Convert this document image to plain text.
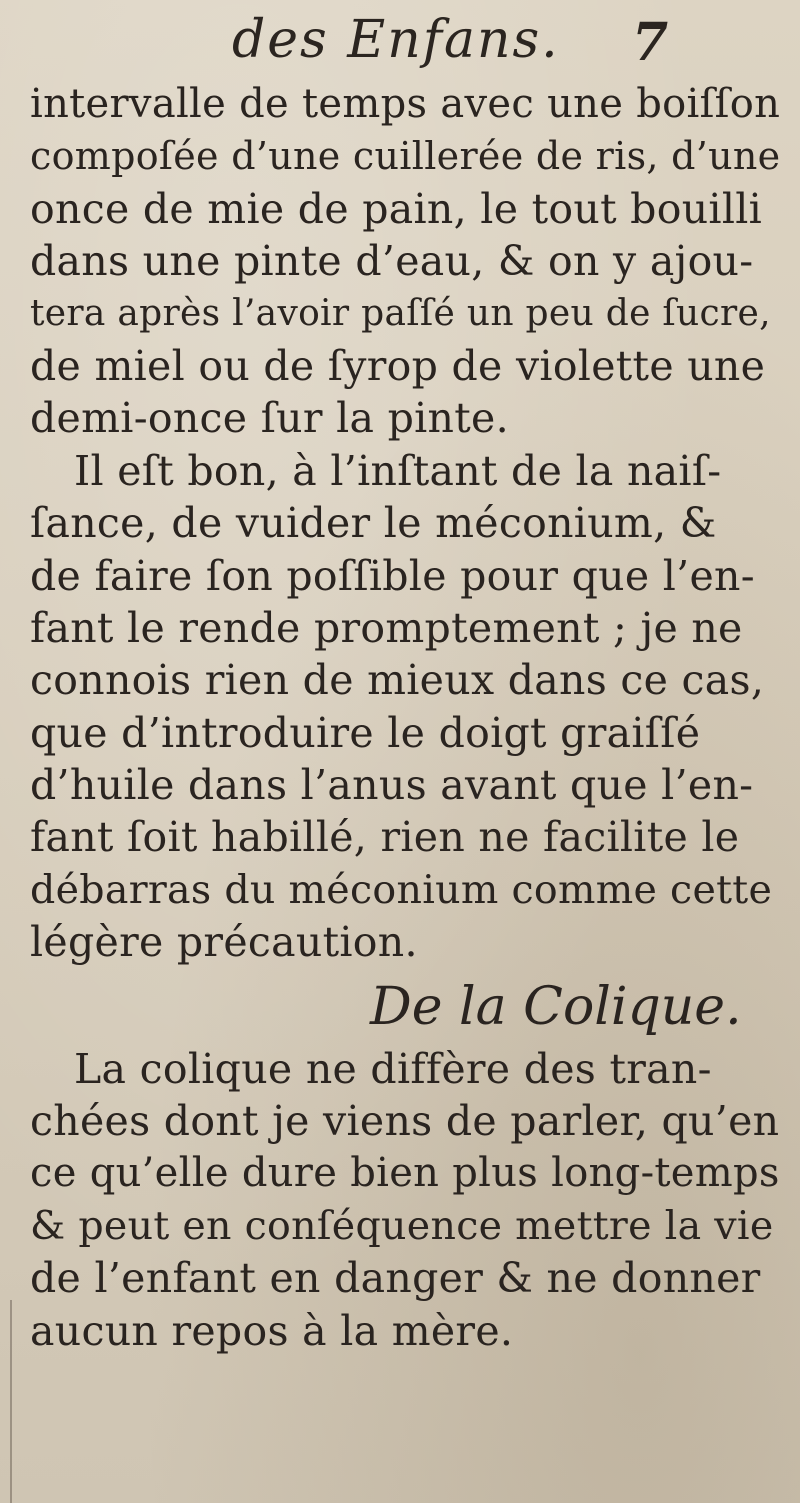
des Enfans. 7
intervalle de temps avec une boiſſon
compoſée d’une cuillerée de ris, d’une
once de mie de pain, le tout bouilli
dans une pinte d’eau, & on y ajou-
tera après l’avoir paſſé un peu de ſucre,
de miel ou de ſyrop de violette une
demi-once ſur la pinte.
Il eſt bon, à l’inſtant de la naiſ-
ſance, de vuider le méconium, &
de faire ſon poſſible pour que l’en-
fant le rende promptement ; je ne
connois rien de mieux dans ce cas,
que d’introduire le doigt graiſſé
d’huile dans l’anus avant que l’en-
fant ſoit habillé, rien ne facilite le
débarras du méconium comme cette
légère précaution.
De la Colique.
La colique ne diffère des tran-
chées dont je viens de parler, qu’en
ce qu’elle dure bien plus long-temps
& peut en conſéquence mettre la vie
de l’enfant en danger & ne donner
aucun repos à la mère.
